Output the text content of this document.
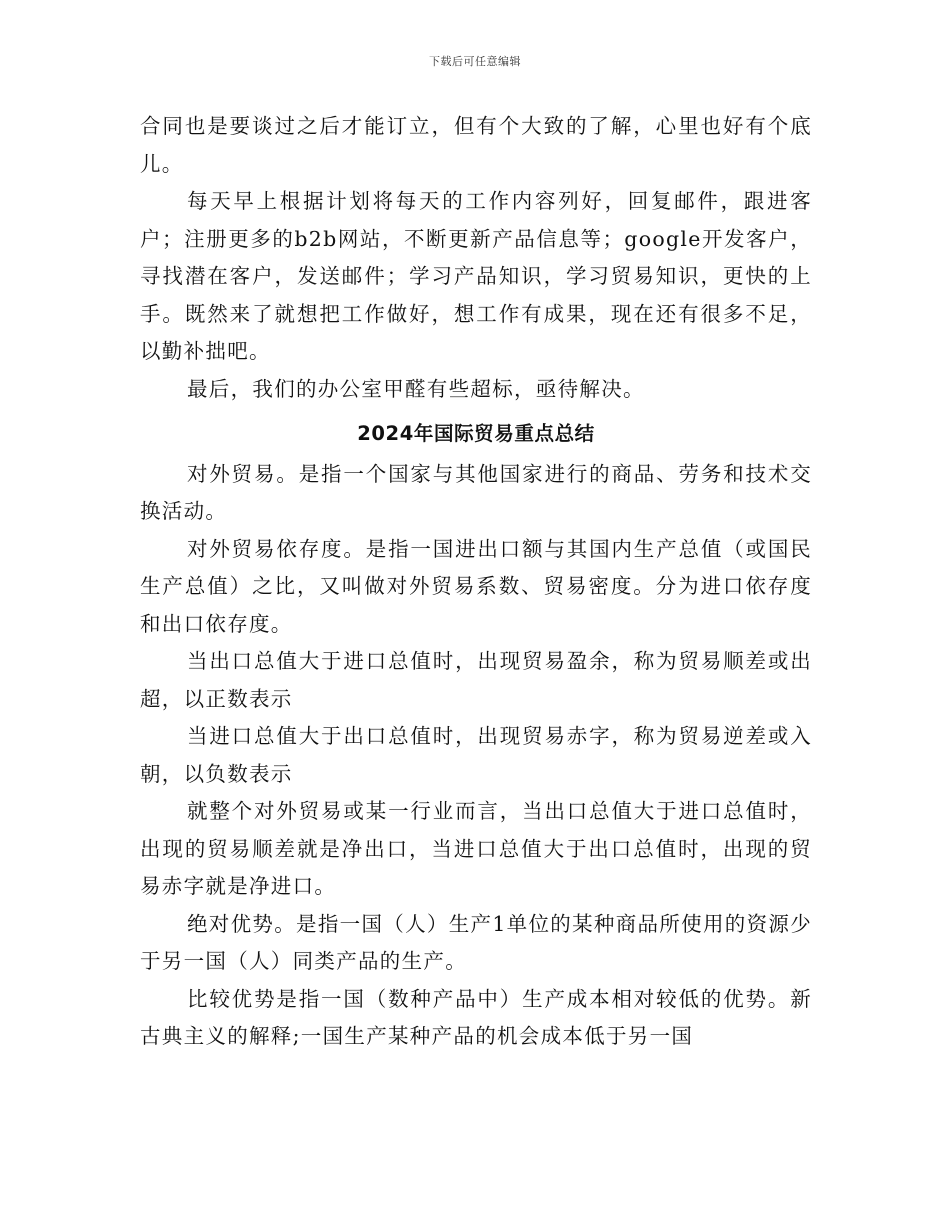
下载后可任意编辑

合同也是要谈过之后才能订立，但有个大致的了解，心里也好有个底儿。

每天早上根据计划将每天的工作内容列好，回复邮件，跟进客户；注册更多的b2b网站，不断更新产品信息等；google开发客户，寻找潜在客户，发送邮件；学习产品知识，学习贸易知识，更快的上手。既然来了就想把工作做好，想工作有成果，现在还有很多不足，以勤补拙吧。

最后，我们的办公室甲醛有些超标，亟待解决。

2024年国际贸易重点总结

对外贸易。是指一个国家与其他国家进行的商品、劳务和技术交换活动。

对外贸易依存度。是指一国进出口额与其国内生产总值（或国民生产总值）之比，又叫做对外贸易系数、贸易密度。分为进口依存度和出口依存度。

当出口总值大于进口总值时，出现贸易盈余，称为贸易顺差或出超，以正数表示

当进口总值大于出口总值时，出现贸易赤字，称为贸易逆差或入朝，以负数表示

就整个对外贸易或某一行业而言，当出口总值大于进口总值时，出现的贸易顺差就是净出口，当进口总值大于出口总值时，出现的贸易赤字就是净进口。

绝对优势。是指一国（人）生产1单位的某种商品所使用的资源少于另一国（人）同类产品的生产。

比较优势是指一国（数种产品中）生产成本相对较低的优势。新古典主义的解释;一国生产某种产品的机会成本低于另一国
